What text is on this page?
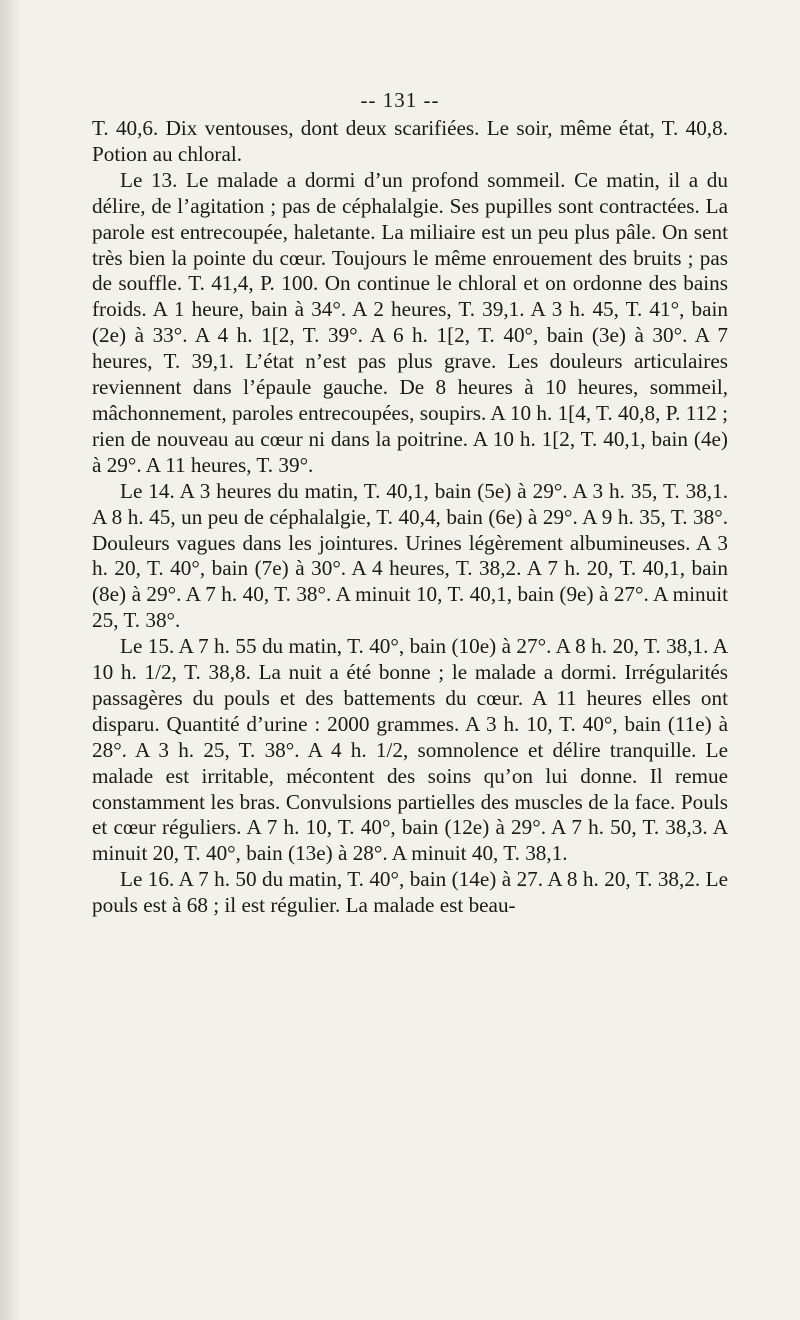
-- 131 --

T. 40,6. Dix ventouses, dont deux scarifiées. Le soir, même état, T. 40,8. Potion au chloral.

Le 13. Le malade a dormi d’un profond sommeil. Ce matin, il a du délire, de l’agitation ; pas de céphalalgie. Ses pupilles sont contractées. La parole est entrecoupée, haletante. La miliaire est un peu plus pâle. On sent très bien la pointe du cœur. Toujours le même enrouement des bruits ; pas de souffle. T. 41,4, P. 100. On continue le chloral et on ordonne des bains froids. A 1 heure, bain à 34°. A 2 heures, T. 39,1. A 3 h. 45, T. 41°, bain (2e) à 33°. A 4 h. 1[2, T. 39°. A 6 h. 1[2, T. 40°, bain (3e) à 30°. A 7 heures, T. 39,1. L’état n’est pas plus grave. Les douleurs articulaires reviennent dans l’épaule gauche. De 8 heures à 10 heures, sommeil, mâchonnement, paroles entrecoupées, soupirs. A 10 h. 1[4, T. 40,8, P. 112 ; rien de nouveau au cœur ni dans la poitrine. A 10 h. 1[2, T. 40,1, bain (4e) à 29°. A 11 heures, T. 39°.

Le 14. A 3 heures du matin, T. 40,1, bain (5e) à 29°. A 3 h. 35, T. 38,1. A 8 h. 45, un peu de céphalalgie, T. 40,4, bain (6e) à 29°. A 9 h. 35, T. 38°. Douleurs vagues dans les jointures. Urines légèrement albumineuses. A 3 h. 20, T. 40°, bain (7e) à 30°. A 4 heures, T. 38,2. A 7 h. 20, T. 40,1, bain (8e) à 29°. A 7 h. 40, T. 38°. A minuit 10, T. 40,1, bain (9e) à 27°. A minuit 25, T. 38°.

Le 15. A 7 h. 55 du matin, T. 40°, bain (10e) à 27°. A 8 h. 20, T. 38,1. A 10 h. 1/2, T. 38,8. La nuit a été bonne ; le malade a dormi. Irrégularités passagères du pouls et des battements du cœur. A 11 heures elles ont disparu. Quantité d’urine : 2000 grammes. A 3 h. 10, T. 40°, bain (11e) à 28°. A 3 h. 25, T. 38°. A 4 h. 1/2, somnolence et délire tranquille. Le malade est irritable, mécontent des soins qu’on lui donne. Il remue constamment les bras. Convulsions partielles des muscles de la face. Pouls et cœur réguliers. A 7 h. 10, T. 40°, bain (12e) à 29°. A 7 h. 50, T. 38,3. A minuit 20, T. 40°, bain (13e) à 28°. A minuit 40, T. 38,1.

Le 16. A 7 h. 50 du matin, T. 40°, bain (14e) à 27. A 8 h. 20, T. 38,2. Le pouls est à 68 ; il est régulier. La malade est beau-
